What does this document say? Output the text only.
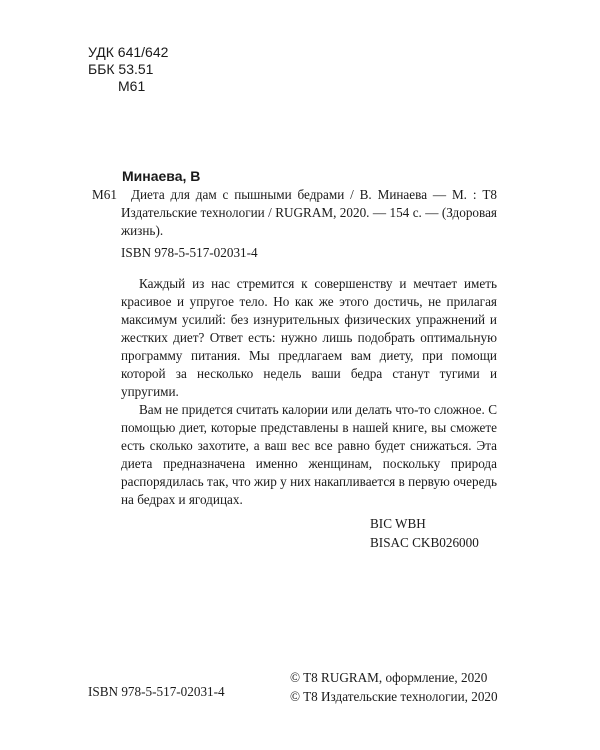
УДК 641/642
ББК 53.51
М61
Минаева, В
М61	Диета для дам с пышными бедрами / В. Минаева — М. : T8 Издательские технологии / RUGRAM, 2020. — 154 с. — (Здоровая жизнь).
ISBN 978-5-517-02031-4

Каждый из нас стремится к совершенству и мечтает иметь красивое и упругое тело. Но как же этого достичь, не прилагая максимум усилий: без изнурительных физических упражнений и жестких диет? Ответ есть: нужно лишь подобрать оптимальную программу питания. Мы предлагаем вам диету, при помощи которой за несколько недель ваши бедра станут тугими и упругими.

Вам не придется считать калории или делать что-то сложное. С помощью диет, которые представлены в нашей книге, вы сможете есть сколько захотите, а ваш вес все равно будет снижаться. Эта диета предназначена именно женщинам, поскольку природа распорядилась так, что жир у них накапливается в первую очередь на бедрах и ягодицах.

BIC WBH
BISAC CKB026000
© T8 RUGRAM, оформление, 2020
© T8 Издательские технологии, 2020
ISBN 978-5-517-02031-4
